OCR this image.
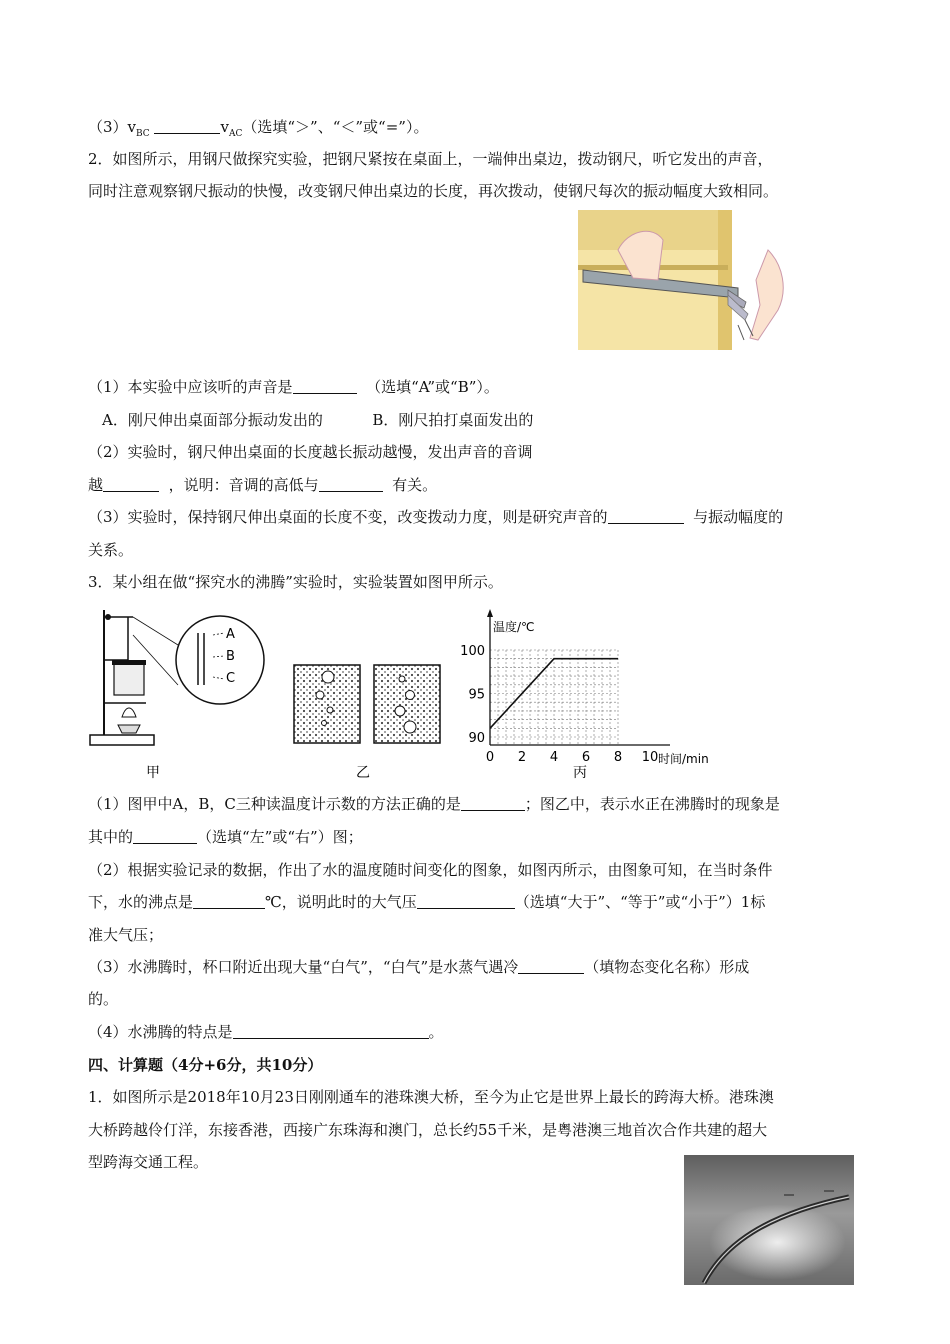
$(3)v_{BC}$	$v_{AC}$（选填“＞”、“＜”或“=”）。
2．如图所示，用钢尺做探究实验，把钢尺紧按在桌面上，一端伸出桌边，拨动钢尺，听它发出的声音，
同时注意观察钢尺振动的快慢，改变钢尺伸出桌边的长度，再次拨动，使钢尺每次的振动幅度大致相同。
（1）本实验中应该听的声音是	（选填“A”或“B”）。
A．刚尺伸出桌面部分振动发出的	B．刚尺拍打桌面发出的
（2）实验时，钢尺伸出桌面的长度越长振动越慢，发出声音的音调
越	，说明：音调的高低与	有关。
（3）实验时，保持钢尺伸出桌面的长度不变，改变拨动力度，则是研究声音的	与振动幅度的
关系。
3．某小组在做“探究水的沸腾”实验时，实验装置如图甲所示。
A
B
C
甲	乙
温度/℃
时间/min
0 2 4 6 8 10
90
95
100
丙
（1）图甲中A，B，C三种读温度计示数的方法正确的是	；图乙中，表示水正在沸腾时的现象是
其中的	（选填“左”或“右”）图；
（2）根据实验记录的数据，作出了水的温度随时间变化的图象，如图丙所示，由图象可知，在当时条件
下，水的沸点是	℃，说明此时的大气压	（选填“大于”、“等于”或“小于”）1标
准大气压；
（3）水沸腾时，杯口附近出现大量“白气”，“白气”是水蒸气遇冷	（填物态变化名称）形成
的。
（4）水沸腾的特点是	。
四、计算题（4分+6分，共10分）
1．如图所示是2018年10月23日刚刚通车的港珠澳大桥，至今为止它是世界上最长的跨海大桥。港珠澳
大桥跨越伶仃洋，东接香港，西接广东珠海和澳门，总长约55千米，是粤港澳三地首次合作共建的超大
型跨海交通工程。
